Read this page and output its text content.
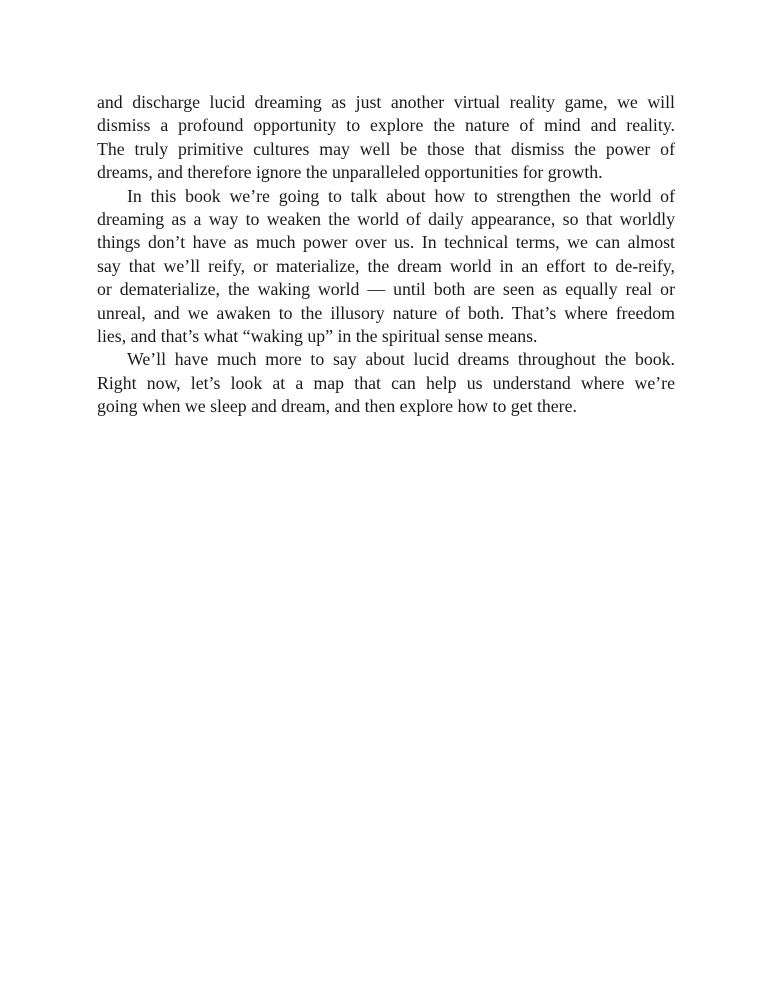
and discharge lucid dreaming as just another virtual reality game, we will
dismiss a profound opportunity to explore the nature of mind and reality.
The truly primitive cultures may well be those that dismiss the power of
dreams, and therefore ignore the unparalleled opportunities for growth.

In this book we’re going to talk about how to strengthen the world of
dreaming as a way to weaken the world of daily appearance, so that worldly
things don’t have as much power over us. In technical terms, we can almost
say that we’ll reify, or materialize, the dream world in an effort to de-reify,
or dematerialize, the waking world — until both are seen as equally real or
unreal, and we awaken to the illusory nature of both. That’s where freedom
lies, and that’s what “waking up” in the spiritual sense means.

We’ll have much more to say about lucid dreams throughout the book.
Right now, let’s look at a map that can help us understand where we’re
going when we sleep and dream, and then explore how to get there.
